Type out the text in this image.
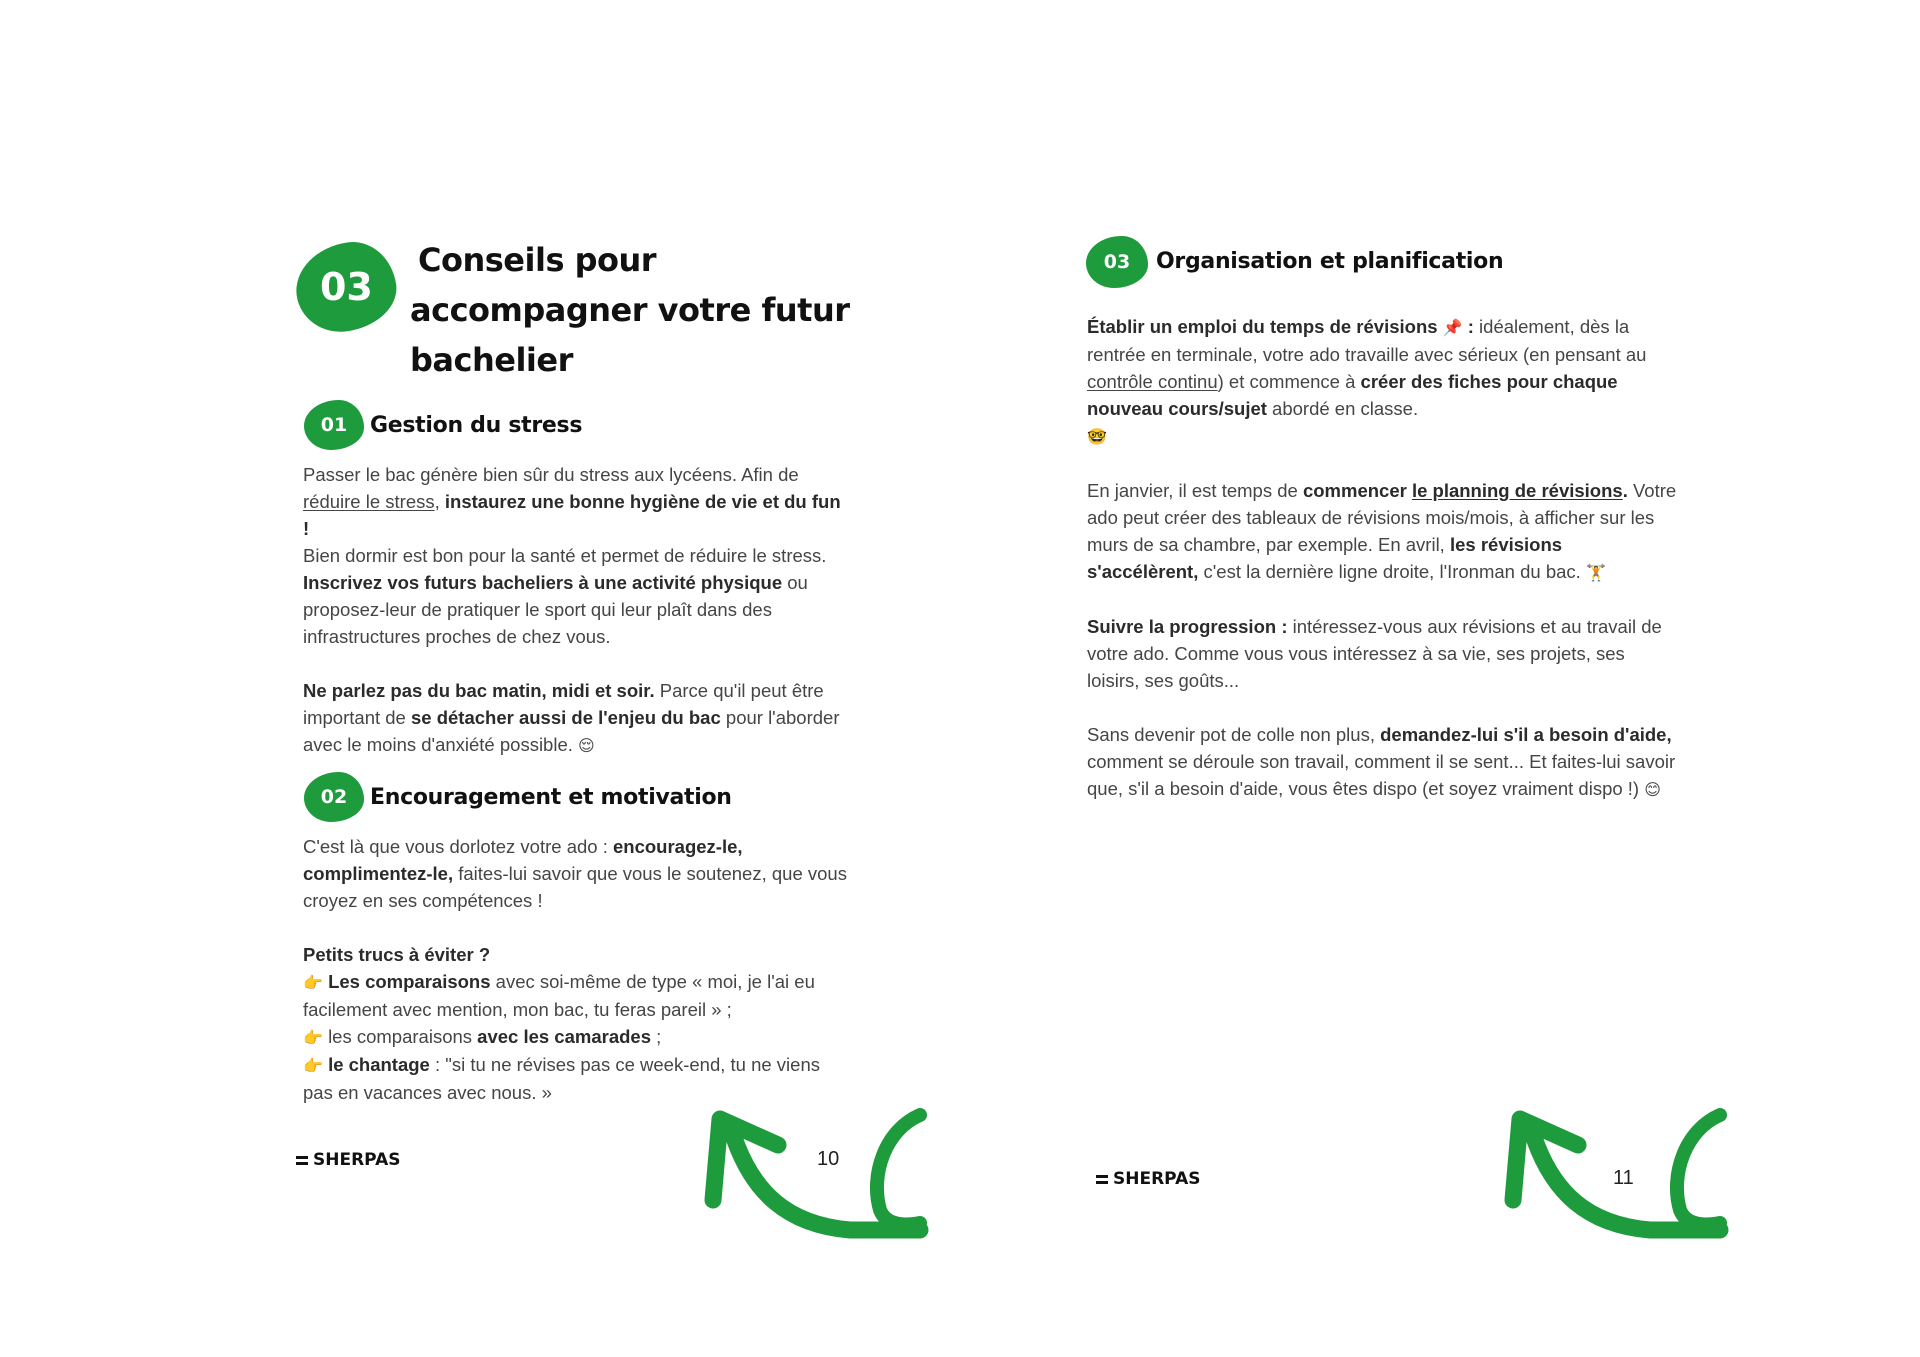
03
Conseils pour
accompagner votre futur
bachelier
01 Gestion du stress

Passer le bac génère bien sûr du stress aux lycéens. Afin de réduire le stress, instaurez une bonne hygiène de vie et du fun !

Bien dormir est bon pour la santé et permet de réduire le stress. Inscrivez vos futurs bacheliers à une activité physique ou proposez-leur de pratiquer le sport qui leur plaît dans des infrastructures proches de chez vous.

Ne parlez pas du bac matin, midi et soir. Parce qu'il peut être important de se détacher aussi de l'enjeu du bac pour l'aborder avec le moins d'anxiété possible. 😌

02 Encouragement et motivation

C'est là que vous dorlotez votre ado : encouragez-le, complimentez-le, faites-lui savoir que vous le soutenez, que vous croyez en ses compétences !

Petits trucs à éviter ?

👉 Les comparaisons avec soi-même de type « moi, je l'ai eu facilement avec mention, mon bac, tu feras pareil » ;

👉 les comparaisons avec les camarades ;

👉 le chantage : "si tu ne révises pas ce week-end, tu ne viens pas en vacances avec nous. »

SHERPAS	10
03 Organisation et planification

Établir un emploi du temps de révisions 📌 : idéalement, dès la rentrée en terminale, votre ado travaille avec sérieux (en pensant au contrôle continu) et commence à créer des fiches pour chaque nouveau cours/sujet abordé en classe.
🤓

En janvier, il est temps de commencer le planning de révisions. Votre ado peut créer des tableaux de révisions mois/mois, à afficher sur les murs de sa chambre, par exemple. En avril, les révisions s'accélèrent, c'est la dernière ligne droite, l'Ironman du bac. 🏋

Suivre la progression : intéressez-vous aux révisions et au travail de votre ado. Comme vous vous intéressez à sa vie, ses projets, ses loisirs, ses goûts...

Sans devenir pot de colle non plus, demandez-lui s'il a besoin d'aide, comment se déroule son travail, comment il se sent... Et faites-lui savoir que, s'il a besoin d'aide, vous êtes dispo (et soyez vraiment dispo !) 😊

SHERPAS	11
